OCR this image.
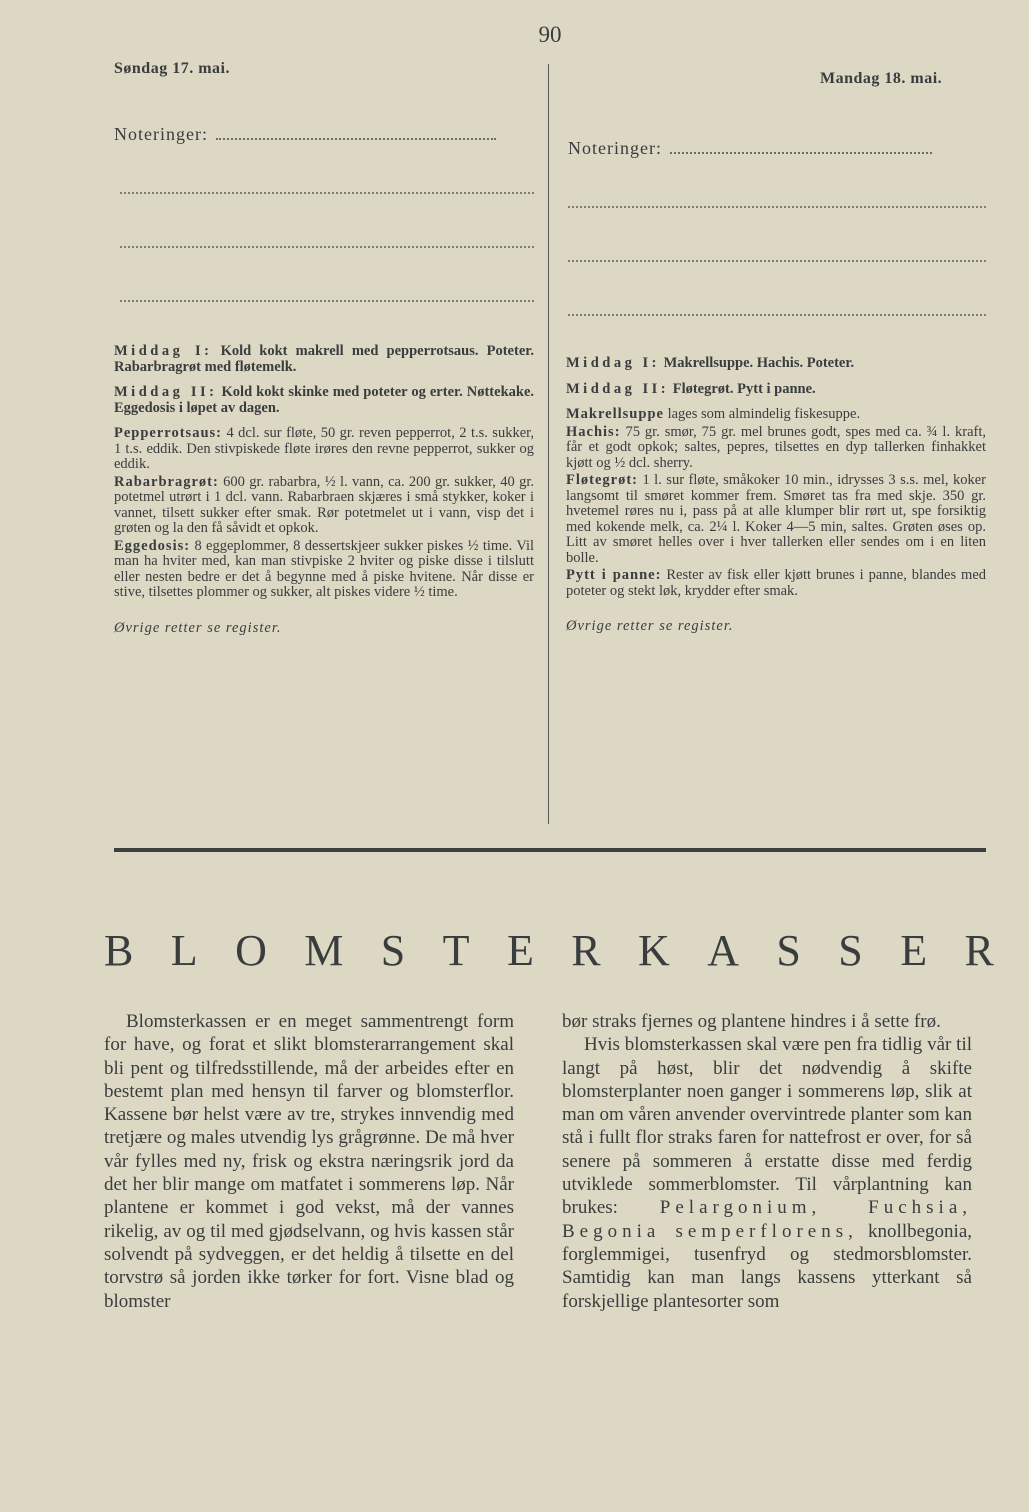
90
Søndag 17. mai.
Mandag 18. mai.
Noteringer:
Noteringer:
Middag I: Kold kokt makrell med pepperrotsaus. Poteter. Rabarbragrøt med fløtemelk.
Middag II: Kold kokt skinke med poteter og erter. Nøttekake. Eggedosis i løpet av dagen.

Pepperrotsaus: 4 dcl. sur fløte, 50 gr. reven pepperrot, 2 t.s. sukker, 1 t.s. eddik. Den stivpiskede fløte irøres den revne pepperrot, sukker og eddik.

Rabarbragrøt: 600 gr. rabarbra, ½ l. vann, ca. 200 gr. sukker, 40 gr. potetmel utrørt i 1 dcl. vann. Rabarbraen skjæres i små stykker, koker i vannet, tilsett sukker efter smak. Rør potetmelet ut i vann, visp det i grøten og la den få såvidt et opkok.

Eggedosis: 8 eggeplommer, 8 dessertskjeer sukker piskes ½ time. Vil man ha hviter med, kan man stivpiske 2 hviter og piske disse i tilslutt eller nesten bedre er det å begynne med å piske hvitene. Når disse er stive, tilsettes plommer og sukker, alt piskes videre ½ time.

Øvrige retter se register.
Middag I: Makrellsuppe. Hachis. Poteter.
Middag II: Fløtegrøt. Pytt i panne.

Makrellsuppe lages som almindelig fiskesuppe.

Hachis: 75 gr. smør, 75 gr. mel brunes godt, spes med ca. ¾ l. kraft, får et godt opkok; saltes, pepres, tilsettes en dyp tallerken finhakket kjøtt og ½ dcl. sherry.

Fløtegrøt: 1 l. sur fløte, småkoker 10 min., idrysses 3 s.s. mel, koker langsomt til smøret kommer frem. Smøret tas fra med skje. 350 gr. hvetemel røres nu i, pass på at alle klumper blir rørt ut, spe forsiktig med kokende melk, ca. 2¼ l. Koker 4—5 min, saltes. Grøten øses op. Litt av smøret helles over i hver tallerken eller sendes om i en liten bolle.

Pytt i panne: Rester av fisk eller kjøtt brunes i panne, blandes med poteter og stekt løk, krydder efter smak.

Øvrige retter se register.
B L O M S T E R K A S S E R

Blomsterkassen er en meget sammentrengt form for have, og forat et slikt blomsterarrangement skal bli pent og tilfredsstillende, må der arbeides efter en bestemt plan med hensyn til farver og blomsterflor. Kassene bør helst være av tre, strykes innvendig med tretjære og males utvendig lys grågrønne. De må hver vår fylles med ny, frisk og ekstra næringsrik jord da det her blir mange om matfatet i sommerens løp. Når plantene er kommet i god vekst, må der vannes rikelig, av og til med gjødselvann, og hvis kassen står solvendt på sydveggen, er det heldig å tilsette en del torvstrø så jorden ikke tørker for fort. Visne blad og blomster

bør straks fjernes og plantene hindres i å sette frø.

Hvis blomsterkassen skal være pen fra tidlig vår til langt på høst, blir det nødvendig å skifte blomsterplanter noen ganger i sommerens løp, slik at man om våren anvender overvintrede planter som kan stå i fullt flor straks faren for nattefrost er over, for så senere på sommeren å erstatte disse med ferdig utviklede sommerblomster. Til vårplantning kan brukes: Pelargonium, Fuchsia, Begonia semperflorens, knollbegonia, forglemmigei, tusenfryd og stedmorsblomster. Samtidig kan man langs kassens ytterkant så forskjellige plantesorter som
